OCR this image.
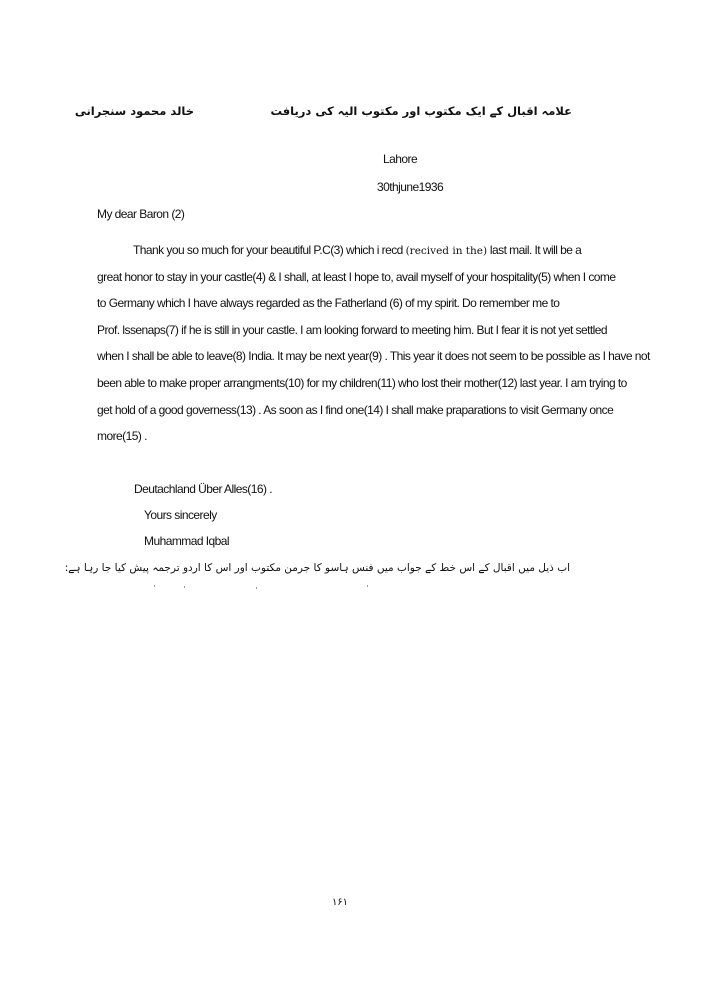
علامہ اقبال کے ایک مکتوب اور مکتوب الیہ کی دریافت
خالد محمود سنجرانی
Lahore
30thjune1936
My dear Baron (2)
Thank you so much for your beautiful P.C(3) which i recd (recived in the) last mail. It will be a
great honor to stay in your castle(4) & I shall, at least I hope to, avail myself of your hospitality(5) when I come
to Germany which I have always regarded as the Fatherland (6) of my spirit. Do remember me to
Prof. lssenaps(7) if he is still in your castle. I am looking forward to meeting him. But I fear it is not yet settled
when I shall be able to leave(8) India. It may be next year(9) . This year it does not seem to be possible as I have not
been able to make proper arrangments(10) for my children(11) who lost their mother(12) last year. I am trying to
get hold of a good governess(13) . As soon as I find one(14) I shall make praparations to visit Germany once
more(15) .
Deutachland Über Alles(16) .
Yours sincerely
Muhammad Iqbal
اب ذیل میں اقبال کے اس خط کے جواب میں فنس ہاسو کا جرمن مکتوب اور اس کا اردو ترجمہ پیش کیا جا رہا ہے:
۱۶۱
